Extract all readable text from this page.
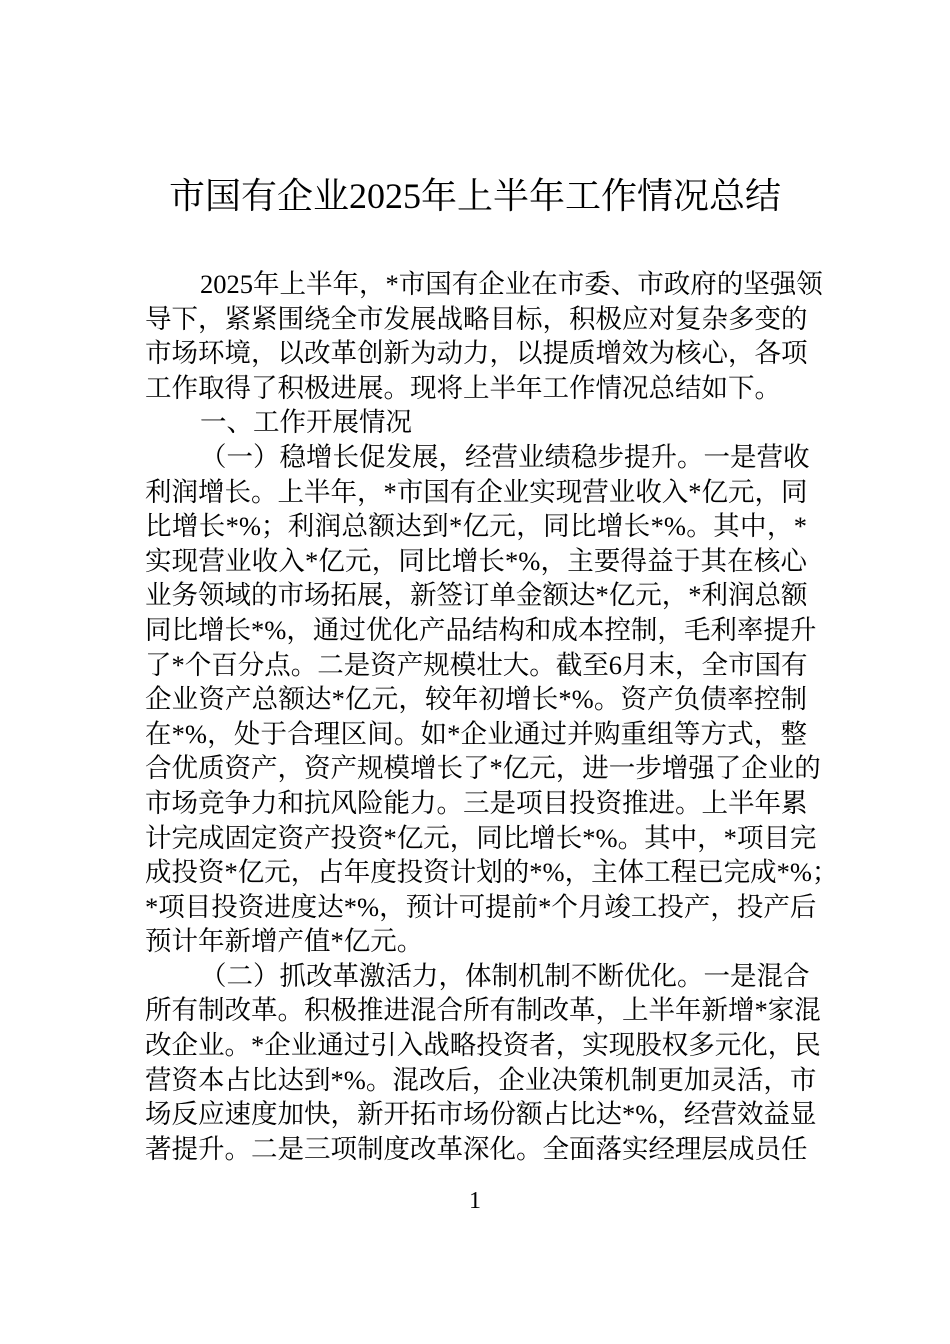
市国有企业2025年上半年工作情况总结
2025年上半年，*市国有企业在市委、市政府的坚强领
导下，紧紧围绕全市发展战略目标，积极应对复杂多变的
市场环境，以改革创新为动力，以提质增效为核心，各项
工作取得了积极进展。现将上半年工作情况总结如下。
一、工作开展情况
（一）稳增长促发展，经营业绩稳步提升。一是营收
利润增长。上半年，*市国有企业实现营业收入*亿元，同
比增长*%；利润总额达到*亿元，同比增长*%。其中，*
实现营业收入*亿元，同比增长*%，主要得益于其在核心
业务领域的市场拓展，新签订单金额达*亿元，*利润总额
同比增长*%，通过优化产品结构和成本控制，毛利率提升
了*个百分点。二是资产规模壮大。截至6月末，全市国有
企业资产总额达*亿元，较年初增长*%。资产负债率控制
在*%，处于合理区间。如*企业通过并购重组等方式，整
合优质资产，资产规模增长了*亿元，进一步增强了企业的
市场竞争力和抗风险能力。三是项目投资推进。上半年累
计完成固定资产投资*亿元，同比增长*%。其中，*项目完
成投资*亿元，占年度投资计划的*%，主体工程已完成*%；
*项目投资进度达*%，预计可提前*个月竣工投产，投产后
预计年新增产值*亿元。
（二）抓改革激活力，体制机制不断优化。一是混合
所有制改革。积极推进混合所有制改革，上半年新增*家混
改企业。*企业通过引入战略投资者，实现股权多元化，民
营资本占比达到*%。混改后，企业决策机制更加灵活，市
场反应速度加快，新开拓市场份额占比达*%，经营效益显
著提升。二是三项制度改革深化。全面落实经理层成员任
1
